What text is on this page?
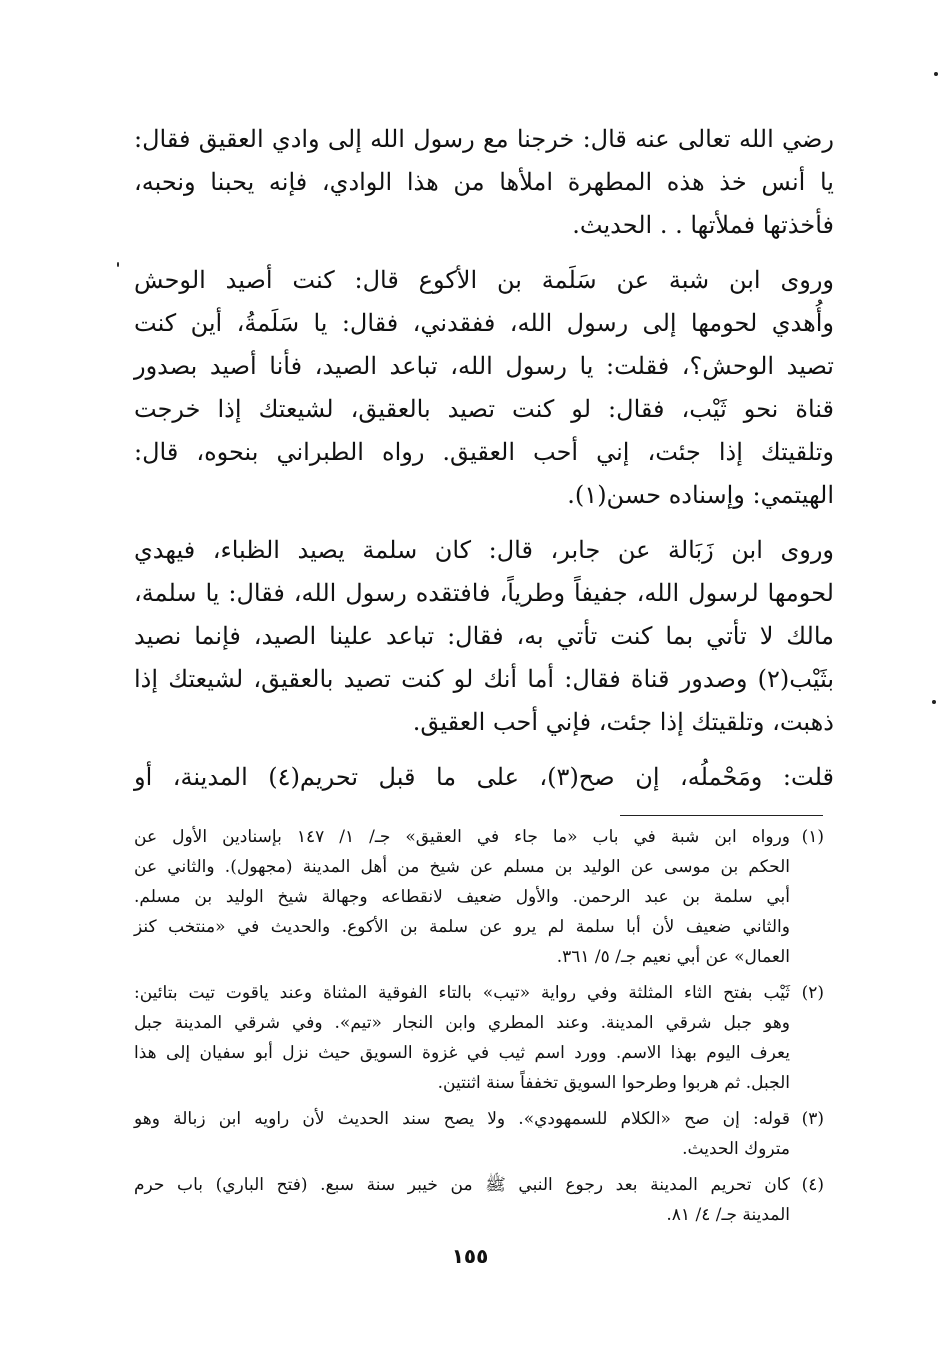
رضي الله تعالى عنه قال: خرجنا مع رسول الله إلى وادي العقيق فقال:
يا أنس خذ هذه المطهرة املأها من هذا الوادي، فإنه يحبنا ونحبه،
فأخذتها فملأتها . . الحديث.

وروى ابن شبة عن سَلَمة بن الأكوع قال: كنت أصيد الوحش
وأُهدي لحومها إلى رسول الله، ففقدني، فقال: يا سَلَمةُ، أين كنت
تصيد الوحش؟، فقلت: يا رسول الله، تباعد الصيد، فأنا أصيد بصدور
قناة نحو ثَيْب، فقال: لو كنت تصيد بالعقيق، لشيعتك إذا خرجت
وتلقيتك إذا جئت، إني أحب العقيق. رواه الطبراني بنحوه، قال:
الهيتمي: وإسناده حسن(١).

وروى ابن زَبَالة عن جابر، قال: كان سلمة يصيد الظباء، فيهدي
لحومها لرسول الله، جفيفاً وطرياً، فافتقده رسول الله، فقال: يا سلمة،
مالك لا تأتي بما كنت تأتي به، فقال: تباعد علينا الصيد، فإنما نصيد
بثَيْب(٢) وصدور قناة فقال: أما أنك لو كنت تصيد بالعقيق، لشيعتك إذا
ذهبت، وتلقيتك إذا جئت، فإني أحب العقيق.

قلت: ومَحْملُه، إن صح(٣)، على ما قبل تحريم(٤) المدينة، أو

(١)
ورواه ابن شبة في باب «ما جاء في العقيق» جـ/ ١/ ١٤٧ بإسنادين الأول عن
الحكم بن موسى عن الوليد بن مسلم عن شيخ من أهل المدينة (مجهول). والثاني عن
أبي سلمة بن عبد الرحمن. والأول ضعيف لانقطاعه وجهالة شيخ الوليد بن مسلم.
والثاني ضعيف لأن أبا سلمة لم يرو عن سلمة بن الأكوع. والحديث في «منتخب كنز
العمال» عن أبي نعيم جـ/ ٥/ ٣٦١.
(٢)
ثَيْب بفتح الثاء المثلثة وفي رواية «تيب» بالتاء الفوقية المثناة وعند ياقوت تيت بتائين:
وهو جبل شرقي المدينة. وعند المطري وابن النجار «تيم». وفي شرقي المدينة جبل
يعرف اليوم بهذا الاسم. وورد اسم ثيب في غزوة السويق حيث نزل أبو سفيان إلى هذا
الجبل. ثم هربوا وطرحوا السويق تخففاً سنة اثنتين.
(٣)
قوله: إن صح «الكلام للسمهودي». ولا يصح سند الحديث لأن راويه ابن زبالة وهو
متروك الحديث.
(٤)
كان تحريم المدينة بعد رجوع النبي ﷺ من خيبر سنة سبع. (فتح الباري) باب حرم
المدينة جـ/ ٤/ ٨١.
١٥٥
